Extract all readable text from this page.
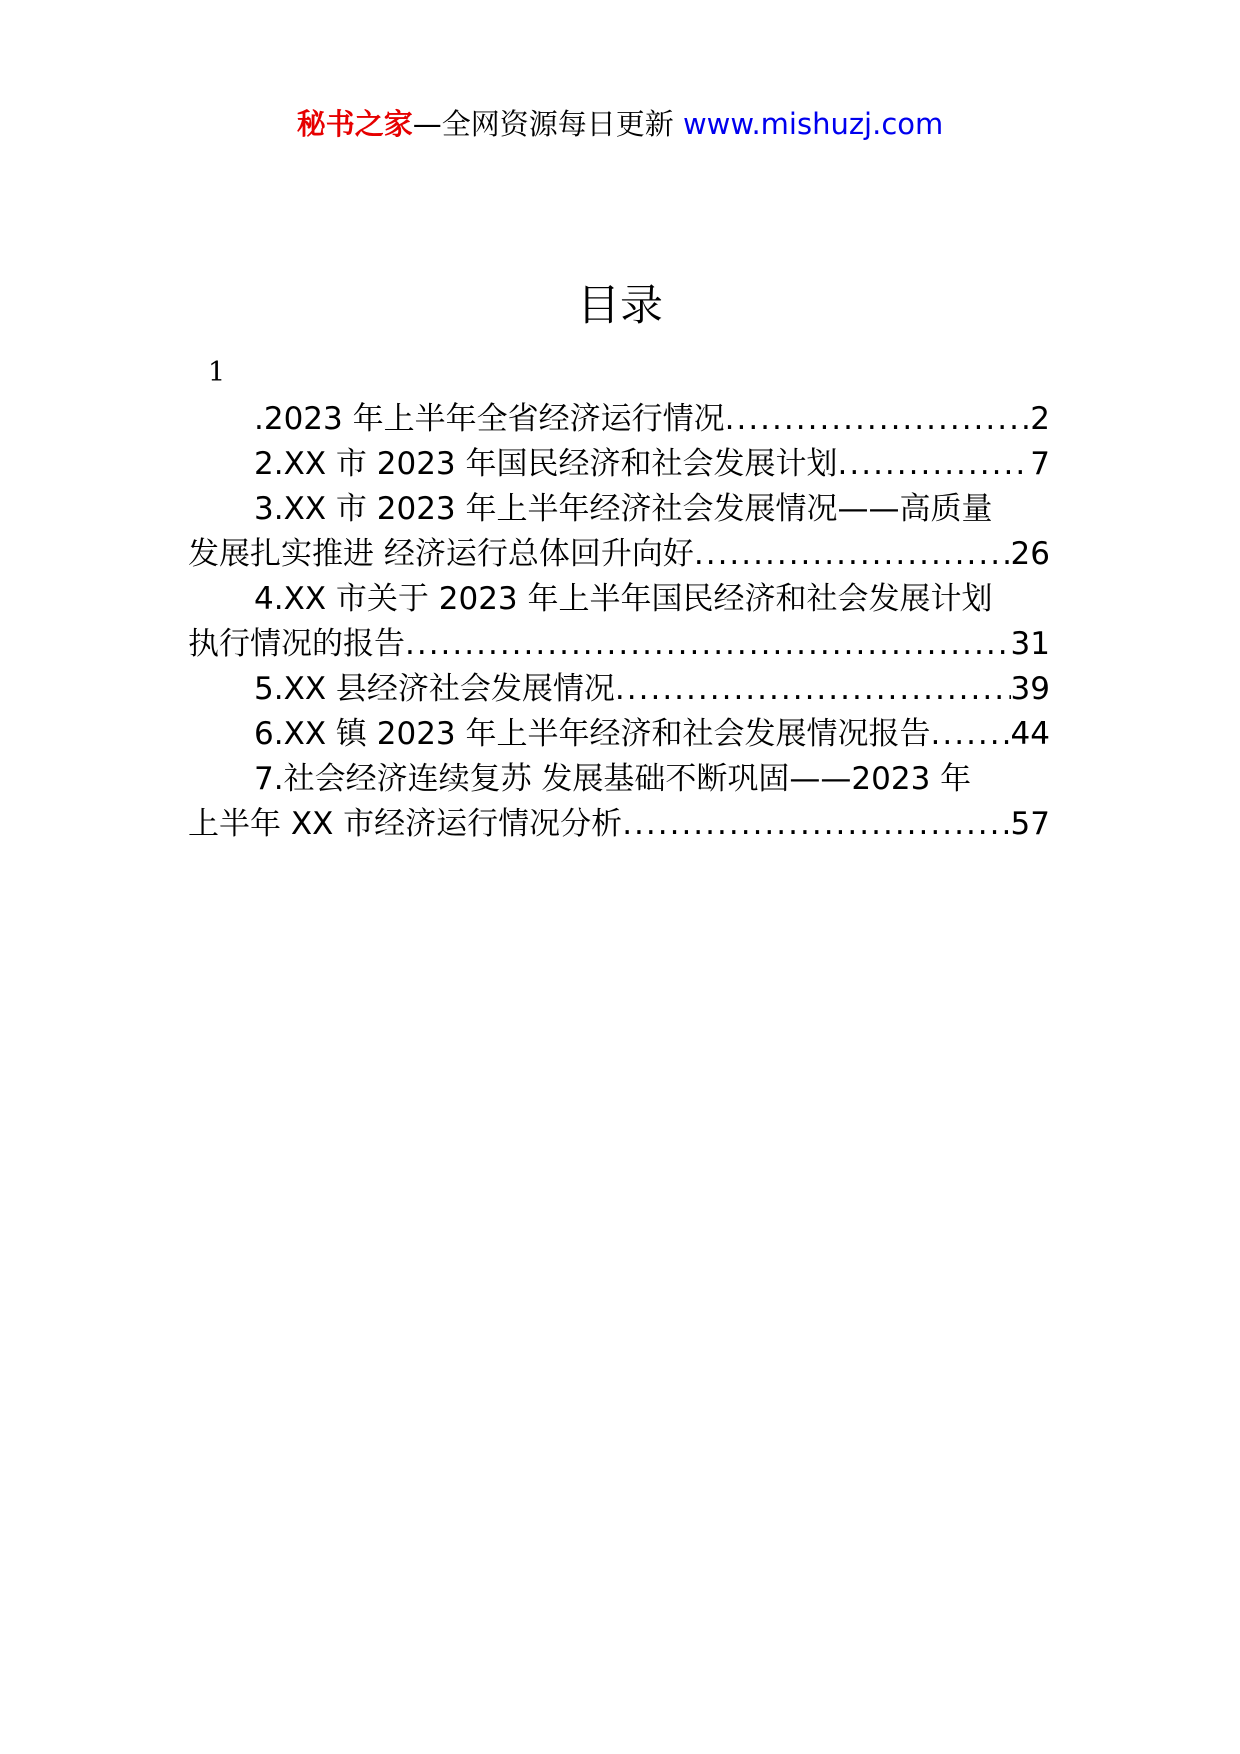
秘书之家—全网资源每日更新 www.mishuzj.com
目录
1
.2023 年上半年全省经济运行情况 .....	2
2.XX 市 2023 年国民经济和社会发展计划 .....	7
3.XX 市 2023 年上半年经济社会发展情况——高质量
发展扎实推进 经济运行总体回升向好 .....	26
4.XX 市关于 2023 年上半年国民经济和社会发展计划
执行情况的报告 .....	31
5.XX 县经济社会发展情况 .....	39
6.XX 镇 2023 年上半年经济和社会发展情况报告 .....	44
7.社会经济连续复苏 发展基础不断巩固——2023 年
上半年 XX 市经济运行情况分析 .....	57
